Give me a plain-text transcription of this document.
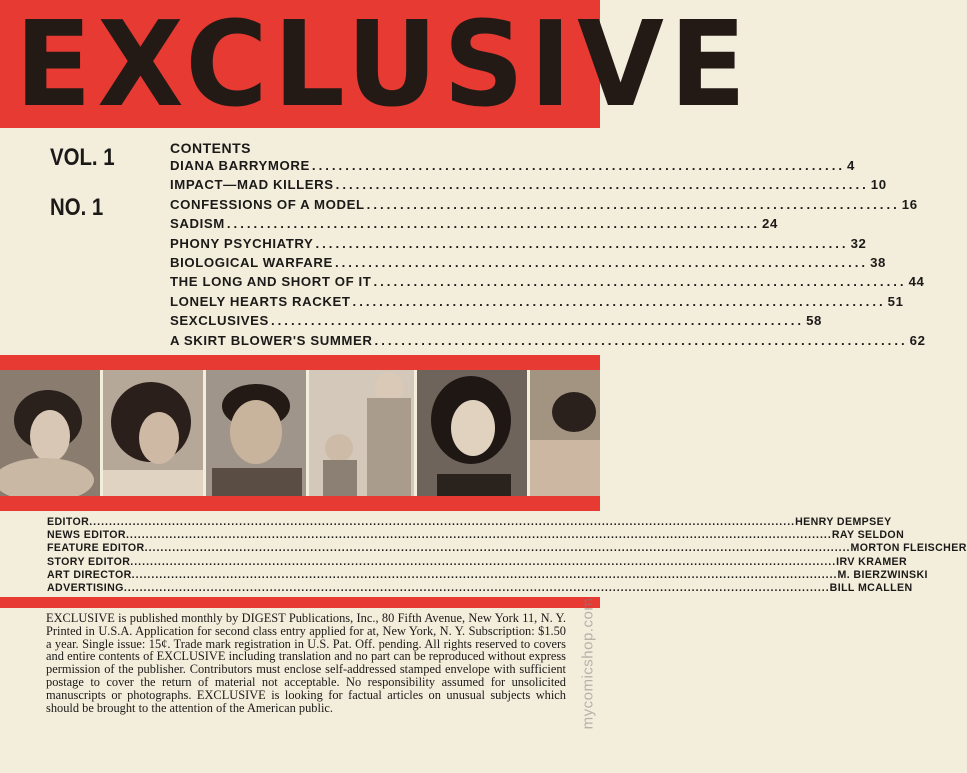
EXCLUSIVE
VOL. 1
NO. 1
CONTENTS
DIANA BARRYMORE .....	4
IMPACT—MAD KILLERS .....	10
CONFESSIONS OF A MODEL .....	16
SADISM .....	24
PHONY PSYCHIATRY .....	32
BIOLOGICAL WARFARE .....	38
THE LONG AND SHORT OF IT .....	44
LONELY HEARTS RACKET .....	51
SEXCLUSIVES .....	58
A SKIRT BLOWER'S SUMMER .....	62
EDITOR .....	HENRY DEMPSEY
NEWS EDITOR .....	RAY SELDON
FEATURE EDITOR .....	MORTON FLEISCHER
STORY EDITOR .....	IRV KRAMER
ART DIRECTOR .....	M. BIERZWINSKI
ADVERTISING .....	BILL MCALLEN
EXCLUSIVE is published monthly by DIGEST Publications, Inc., 80 Fifth Avenue, New York 11, N. Y. Printed in U.S.A. Application for second class entry applied for at, New York, N. Y. Subscription: $1.50 a year. Single issue: 15¢. Trade mark registration in U.S. Pat. Off. pending. All rights reserved to covers and entire contents of EXCLUSIVE including translation and no part can be reproduced without express permission of the publisher. Contributors must enclose self-addressed stamped envelope with sufficient postage to cover the return of material not acceptable. No responsibility assumed for unsolicited manuscripts or photographs. EXCLUSIVE is looking for factual articles on unusual subjects which should be brought to the attention of the American public.	mycomicshop.com
